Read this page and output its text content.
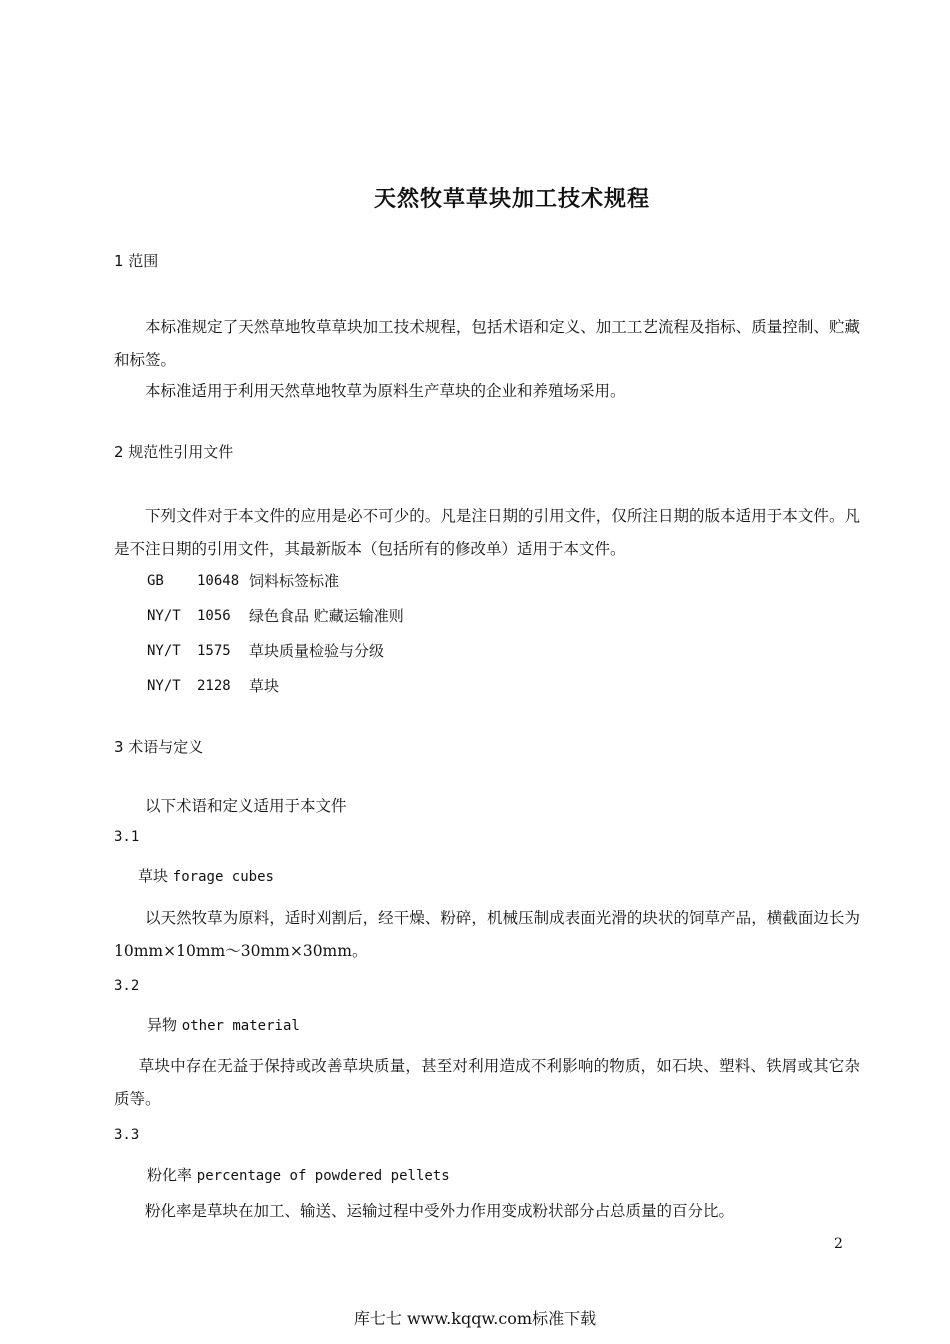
天然牧草草块加工技术规程
1 范围
本标准规定了天然草地牧草草块加工技术规程，包括术语和定义、加工工艺流程及指标、质量控制、贮藏和标签。
本标准适用于利用天然草地牧草为原料生产草块的企业和养殖场采用。
2 规范性引用文件
下列文件对于本文件的应用是必不可少的。凡是注日期的引用文件，仅所注日期的版本适用于本文件。凡是不注日期的引用文件，其最新版本（包括所有的修改单）适用于本文件。
GB	10648 饲料标签标准
NY/T	1056	绿色食品 贮藏运输准则
NY/T	1575	草块质量检验与分级
NY/T	2128	草块
3 术语与定义
以下术语和定义适用于本文件
3.1
草块 forage cubes
以天然牧草为原料，适时刈割后，经干燥、粉碎，机械压制成表面光滑的块状的饲草产品，横截面边长为 10mm×10mm～30mm×30mm。
3.2
异物 other material
草块中存在无益于保持或改善草块质量，甚至对利用造成不利影响的物质，如石块、塑料、铁屑或其它杂质等。
3.3
粉化率 percentage of powdered pellets
粉化率是草块在加工、输送、运输过程中受外力作用变成粉状部分占总质量的百分比。
2
库七七 www.kqqw.com标准下载
